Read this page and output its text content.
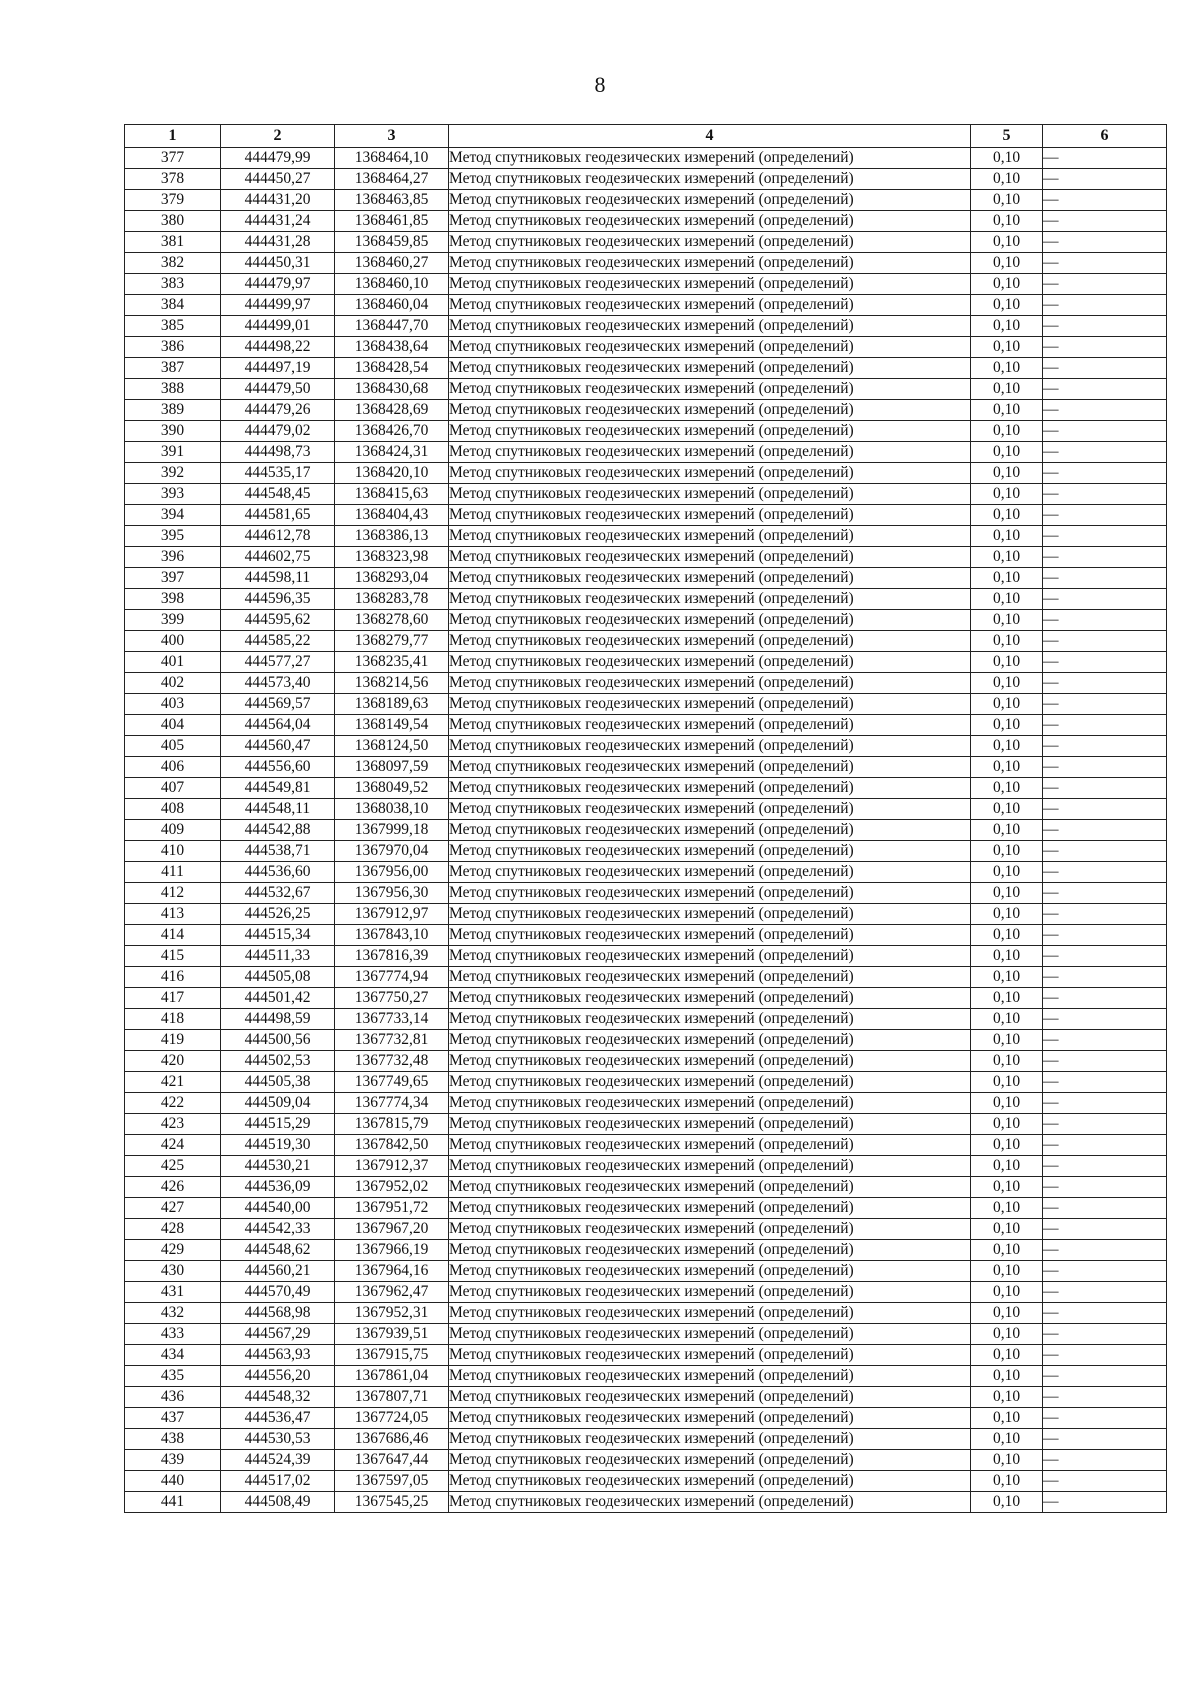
8
1	2	3	4	5	6
377	444479,99	1368464,10	Метод спутниковых геодезических измерений (определений)	0,10	—
378	444450,27	1368464,27	Метод спутниковых геодезических измерений (определений)	0,10	—
379	444431,20	1368463,85	Метод спутниковых геодезических измерений (определений)	0,10	—
380	444431,24	1368461,85	Метод спутниковых геодезических измерений (определений)	0,10	—
381	444431,28	1368459,85	Метод спутниковых геодезических измерений (определений)	0,10	—
382	444450,31	1368460,27	Метод спутниковых геодезических измерений (определений)	0,10	—
383	444479,97	1368460,10	Метод спутниковых геодезических измерений (определений)	0,10	—
384	444499,97	1368460,04	Метод спутниковых геодезических измерений (определений)	0,10	—
385	444499,01	1368447,70	Метод спутниковых геодезических измерений (определений)	0,10	—
386	444498,22	1368438,64	Метод спутниковых геодезических измерений (определений)	0,10	—
387	444497,19	1368428,54	Метод спутниковых геодезических измерений (определений)	0,10	—
388	444479,50	1368430,68	Метод спутниковых геодезических измерений (определений)	0,10	—
389	444479,26	1368428,69	Метод спутниковых геодезических измерений (определений)	0,10	—
390	444479,02	1368426,70	Метод спутниковых геодезических измерений (определений)	0,10	—
391	444498,73	1368424,31	Метод спутниковых геодезических измерений (определений)	0,10	—
392	444535,17	1368420,10	Метод спутниковых геодезических измерений (определений)	0,10	—
393	444548,45	1368415,63	Метод спутниковых геодезических измерений (определений)	0,10	—
394	444581,65	1368404,43	Метод спутниковых геодезических измерений (определений)	0,10	—
395	444612,78	1368386,13	Метод спутниковых геодезических измерений (определений)	0,10	—
396	444602,75	1368323,98	Метод спутниковых геодезических измерений (определений)	0,10	—
397	444598,11	1368293,04	Метод спутниковых геодезических измерений (определений)	0,10	—
398	444596,35	1368283,78	Метод спутниковых геодезических измерений (определений)	0,10	—
399	444595,62	1368278,60	Метод спутниковых геодезических измерений (определений)	0,10	—
400	444585,22	1368279,77	Метод спутниковых геодезических измерений (определений)	0,10	—
401	444577,27	1368235,41	Метод спутниковых геодезических измерений (определений)	0,10	—
402	444573,40	1368214,56	Метод спутниковых геодезических измерений (определений)	0,10	—
403	444569,57	1368189,63	Метод спутниковых геодезических измерений (определений)	0,10	—
404	444564,04	1368149,54	Метод спутниковых геодезических измерений (определений)	0,10	—
405	444560,47	1368124,50	Метод спутниковых геодезических измерений (определений)	0,10	—
406	444556,60	1368097,59	Метод спутниковых геодезических измерений (определений)	0,10	—
407	444549,81	1368049,52	Метод спутниковых геодезических измерений (определений)	0,10	—
408	444548,11	1368038,10	Метод спутниковых геодезических измерений (определений)	0,10	—
409	444542,88	1367999,18	Метод спутниковых геодезических измерений (определений)	0,10	—
410	444538,71	1367970,04	Метод спутниковых геодезических измерений (определений)	0,10	—
411	444536,60	1367956,00	Метод спутниковых геодезических измерений (определений)	0,10	—
412	444532,67	1367956,30	Метод спутниковых геодезических измерений (определений)	0,10	—
413	444526,25	1367912,97	Метод спутниковых геодезических измерений (определений)	0,10	—
414	444515,34	1367843,10	Метод спутниковых геодезических измерений (определений)	0,10	—
415	444511,33	1367816,39	Метод спутниковых геодезических измерений (определений)	0,10	—
416	444505,08	1367774,94	Метод спутниковых геодезических измерений (определений)	0,10	—
417	444501,42	1367750,27	Метод спутниковых геодезических измерений (определений)	0,10	—
418	444498,59	1367733,14	Метод спутниковых геодезических измерений (определений)	0,10	—
419	444500,56	1367732,81	Метод спутниковых геодезических измерений (определений)	0,10	—
420	444502,53	1367732,48	Метод спутниковых геодезических измерений (определений)	0,10	—
421	444505,38	1367749,65	Метод спутниковых геодезических измерений (определений)	0,10	—
422	444509,04	1367774,34	Метод спутниковых геодезических измерений (определений)	0,10	—
423	444515,29	1367815,79	Метод спутниковых геодезических измерений (определений)	0,10	—
424	444519,30	1367842,50	Метод спутниковых геодезических измерений (определений)	0,10	—
425	444530,21	1367912,37	Метод спутниковых геодезических измерений (определений)	0,10	—
426	444536,09	1367952,02	Метод спутниковых геодезических измерений (определений)	0,10	—
427	444540,00	1367951,72	Метод спутниковых геодезических измерений (определений)	0,10	—
428	444542,33	1367967,20	Метод спутниковых геодезических измерений (определений)	0,10	—
429	444548,62	1367966,19	Метод спутниковых геодезических измерений (определений)	0,10	—
430	444560,21	1367964,16	Метод спутниковых геодезических измерений (определений)	0,10	—
431	444570,49	1367962,47	Метод спутниковых геодезических измерений (определений)	0,10	—
432	444568,98	1367952,31	Метод спутниковых геодезических измерений (определений)	0,10	—
433	444567,29	1367939,51	Метод спутниковых геодезических измерений (определений)	0,10	—
434	444563,93	1367915,75	Метод спутниковых геодезических измерений (определений)	0,10	—
435	444556,20	1367861,04	Метод спутниковых геодезических измерений (определений)	0,10	—
436	444548,32	1367807,71	Метод спутниковых геодезических измерений (определений)	0,10	—
437	444536,47	1367724,05	Метод спутниковых геодезических измерений (определений)	0,10	—
438	444530,53	1367686,46	Метод спутниковых геодезических измерений (определений)	0,10	—
439	444524,39	1367647,44	Метод спутниковых геодезических измерений (определений)	0,10	—
440	444517,02	1367597,05	Метод спутниковых геодезических измерений (определений)	0,10	—
441	444508,49	1367545,25	Метод спутниковых геодезических измерений (определений)	0,10	—
